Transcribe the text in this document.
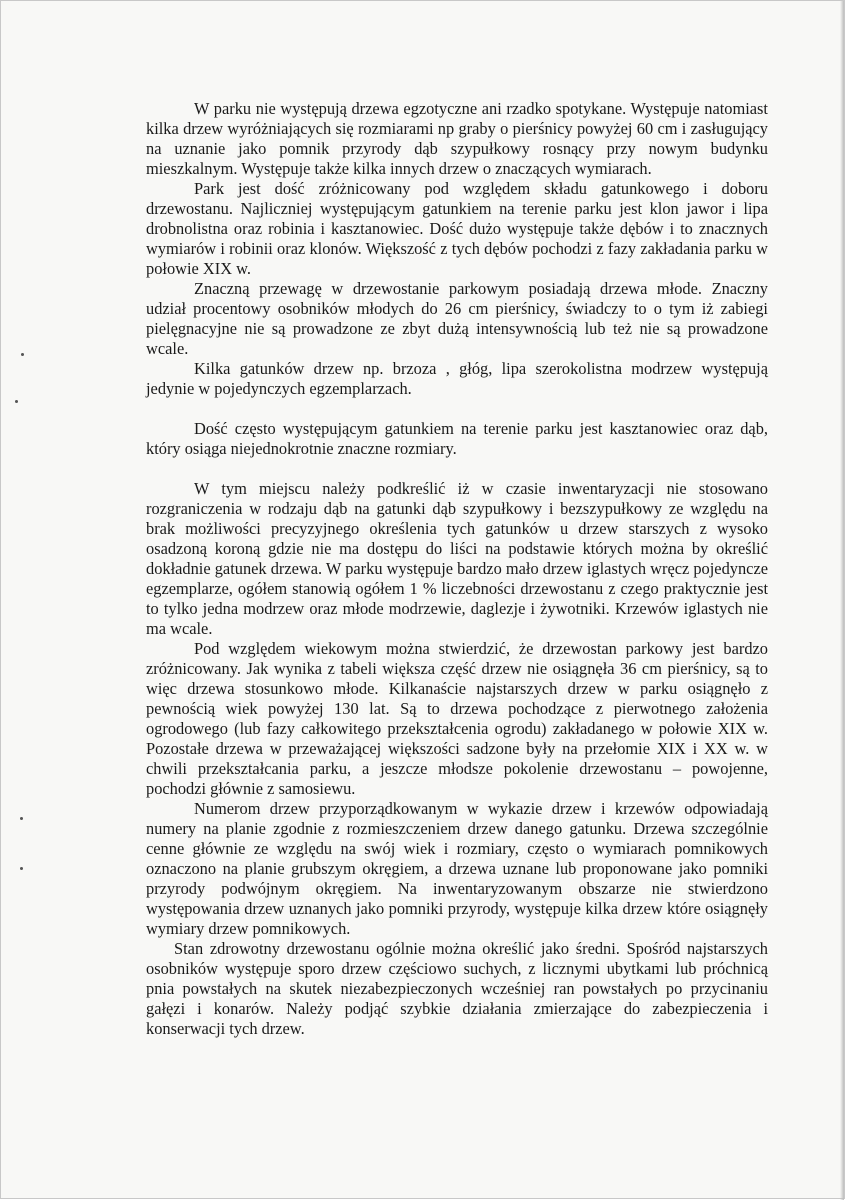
W parku nie występują drzewa egzotyczne ani rzadko spotykane. Występuje natomiast kilka drzew wyróżniających się rozmiarami np graby o pierśnicy powyżej 60 cm i zasługujący na uznanie jako pomnik przyrody dąb szypułkowy rosnący przy nowym budynku mieszkalnym. Występuje także kilka innych drzew o znaczących wymiarach.

Park jest dość zróżnicowany pod względem składu gatunkowego i doboru drzewostanu. Najliczniej występującym gatunkiem na terenie parku jest klon jawor i lipa drobnolistna oraz robinia i kasztanowiec. Dość dużo występuje także dębów i to znacznych wymiarów i robinii oraz klonów. Większość z tych dębów pochodzi z fazy zakładania parku w połowie XIX w.

Znaczną przewagę w drzewostanie parkowym posiadają drzewa młode. Znaczny udział procentowy osobników młodych do 26 cm pierśnicy, świadczy to o tym iż zabiegi pielęgnacyjne nie są prowadzone ze zbyt dużą intensywnością lub też nie są prowadzone wcale.

Kilka gatunków drzew np. brzoza , głóg, lipa szerokolistna modrzew występują jedynie w pojedynczych egzemplarzach.

Dość często występującym gatunkiem na terenie parku jest kasztanowiec oraz dąb, który osiąga niejednokrotnie znaczne rozmiary.

W tym miejscu należy podkreślić iż w czasie inwentaryzacji nie stosowano rozgraniczenia w rodzaju dąb na gatunki dąb szypułkowy i bezszypułkowy ze względu na brak możliwości precyzyjnego określenia tych gatunków u drzew starszych z wysoko osadzoną koroną gdzie nie ma dostępu do liści na podstawie których można by określić dokładnie gatunek drzewa. W parku występuje bardzo mało drzew iglastych wręcz pojedyncze egzemplarze, ogółem stanowią ogółem 1 % liczebności drzewostanu z czego praktycznie jest to tylko jedna modrzew oraz młode modrzewie, daglezje i żywotniki. Krzewów iglastych nie ma wcale.

Pod względem wiekowym można stwierdzić, że drzewostan parkowy jest bardzo zróżnicowany. Jak wynika z tabeli większa część drzew nie osiągnęła 36 cm pierśnicy, są to więc drzewa stosunkowo młode. Kilkanaście najstarszych drzew w parku osiągnęło z pewnością wiek powyżej 130 lat. Są to drzewa pochodzące z pierwotnego założenia ogrodowego (lub fazy całkowitego przekształcenia ogrodu) zakładanego w połowie XIX w. Pozostałe drzewa w przeważającej większości sadzone były na przełomie XIX i XX w. w chwili przekształcania parku, a jeszcze młodsze pokolenie drzewostanu – powojenne, pochodzi głównie z samosiewu.

Numerom drzew przyporządkowanym w wykazie drzew i krzewów odpowiadają numery na planie zgodnie z rozmieszczeniem drzew danego gatunku. Drzewa szczególnie cenne głównie ze względu na swój wiek i rozmiary, często o wymiarach pomnikowych oznaczono na planie grubszym okręgiem, a drzewa uznane lub proponowane jako pomniki przyrody podwójnym okręgiem. Na inwentaryzowanym obszarze nie stwierdzono występowania drzew uznanych jako pomniki przyrody, występuje kilka drzew które osiągnęły wymiary drzew pomnikowych.

Stan zdrowotny drzewostanu ogólnie można określić jako średni. Spośród najstarszych osobników występuje sporo drzew częściowo suchych, z licznymi ubytkami lub próchnicą pnia powstałych na skutek niezabezpieczonych wcześniej ran powstałych po przycinaniu gałęzi i konarów. Należy podjąć szybkie działania zmierzające do zabezpieczenia i konserwacji tych drzew.
